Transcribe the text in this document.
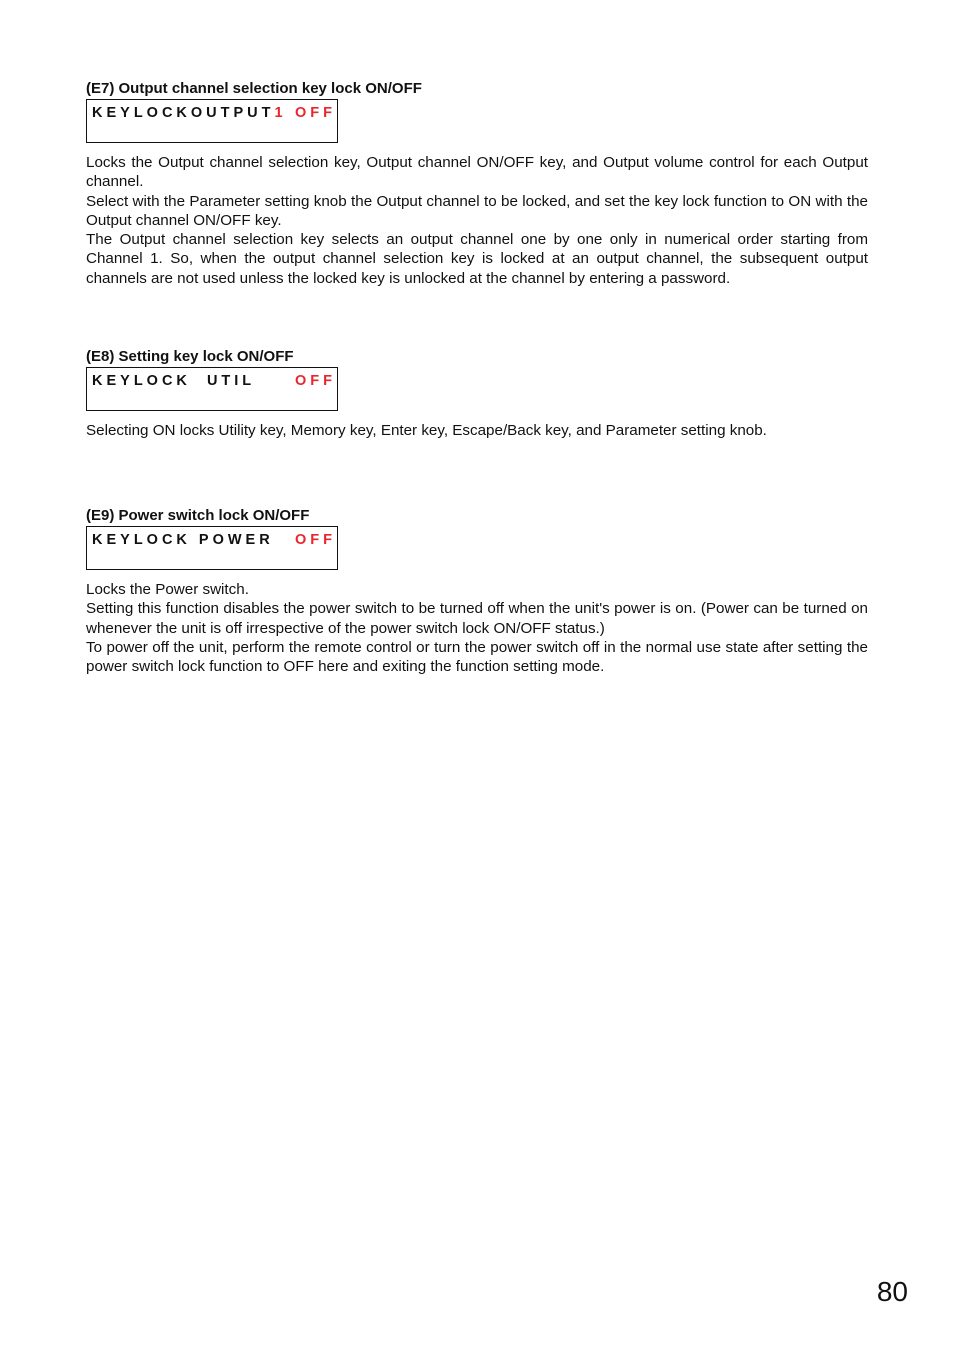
(E7) Output channel selection key lock ON/OFF

KEYLOCKOUTPUT1 OFF

Locks the Output channel selection key, Output channel ON/OFF key, and Output volume control for each Output channel.

Select with the Parameter setting knob the Output channel to be locked, and set the key lock function to ON with the Output channel ON/OFF key.

The Output channel selection key selects an output channel one by one only in numerical order starting from Channel 1. So, when the output channel selection key is locked at an output channel, the subsequent output channels are not used unless the locked key is unlocked at the channel by entering a password.

(E8) Setting key lock ON/OFF

KEYLOCK  UTIL	OFF

Selecting ON locks Utility key, Memory key, Enter key, Escape/Back key, and Parameter setting knob.

(E9) Power switch lock ON/OFF

KEYLOCK POWER OFF

Locks the Power switch.

Setting this function disables the power switch to be turned off when the unit's power is on. (Power can be turned on whenever the unit is off irrespective of the power switch lock ON/OFF status.)

To power off the unit, perform the remote control or turn the power switch off in the normal use state after setting the power switch lock function to OFF here and exiting the function setting mode.

80
